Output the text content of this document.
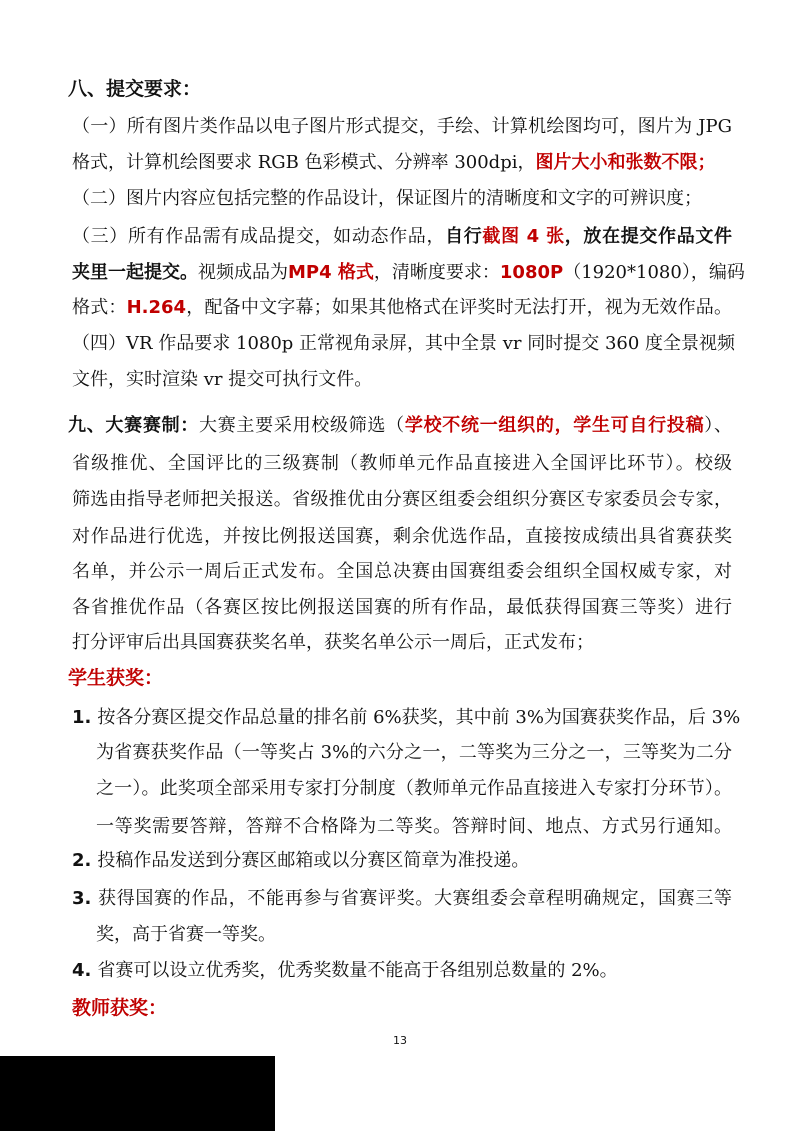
八、提交要求：
（一）所有图片类作品以电子图片形式提交，手绘、计算机绘图均可，图片为 JPG
格式，计算机绘图要求 RGB 色彩模式、分辨率 300dpi，图片大小和张数不限；
（二）图片内容应包括完整的作品设计，保证图片的清晰度和文字的可辨识度；
（三）所有作品需有成品提交，如动态作品，自行截图 4 张，放在提交作品文件
夹里一起提交。视频成品为MP4 格式，清晰度要求：1080P（1920*1080），编码
格式：H.264，配备中文字幕；如果其他格式在评奖时无法打开，视为无效作品。
（四）VR 作品要求 1080p 正常视角录屏，其中全景 vr 同时提交 360 度全景视频
文件，实时渲染 vr 提交可执行文件。
九、大赛赛制：大赛主要采用校级筛选（学校不统一组织的，学生可自行投稿）、
省级推优、全国评比的三级赛制（教师单元作品直接进入全国评比环节）。校级
筛选由指导老师把关报送。省级推优由分赛区组委会组织分赛区专家委员会专家，
对作品进行优选，并按比例报送国赛，剩余优选作品，直接按成绩出具省赛获奖
名单，并公示一周后正式发布。全国总决赛由国赛组委会组织全国权威专家，对
各省推优作品（各赛区按比例报送国赛的所有作品，最低获得国赛三等奖）进行
打分评审后出具国赛获奖名单，获奖名单公示一周后，正式发布；
学生获奖：
1. 按各分赛区提交作品总量的排名前 6%获奖，其中前 3%为国赛获奖作品，后 3%
为省赛获奖作品（一等奖占 3%的六分之一，二等奖为三分之一，三等奖为二分
之一）。此奖项全部采用专家打分制度（教师单元作品直接进入专家打分环节）。
一等奖需要答辩，答辩不合格降为二等奖。答辩时间、地点、方式另行通知。
2. 投稿作品发送到分赛区邮箱或以分赛区简章为准投递。
3. 获得国赛的作品，不能再参与省赛评奖。大赛组委会章程明确规定，国赛三等
奖，高于省赛一等奖。
4. 省赛可以设立优秀奖，优秀奖数量不能高于各组别总数量的 2%。
教师获奖：
13
